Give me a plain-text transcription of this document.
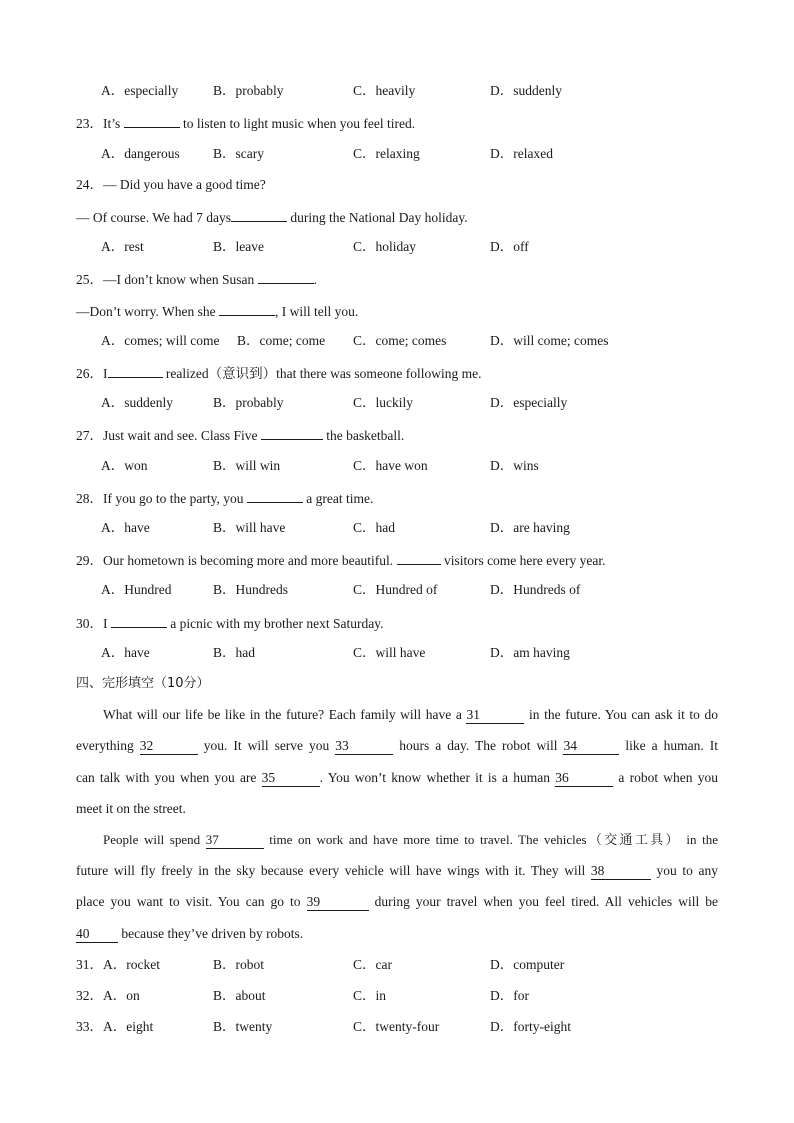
A．especially	B．probably	C．heavily	D．suddenly
23．It’s	to listen to light music when you feel tired.
A．dangerous B．scary	C．relaxing	D．relaxed
24．— Did you have a good time?
— Of course. We had 7 days	during the National Day holiday.
A．rest	B．leave	C．holiday	D．off
25．—I don’t know when Susan	.
—Don’t worry. When she	, I will tell you.
A．comes; will come B．come; come C．come; comes	D．will come; comes
26．I	realized（意识到）that there was someone following me.
A．suddenly	B．probably	C．luckily	D．especially
27．Just wait and see. Class Five	the basketball.
A．won	B．will win	C．have won	D．wins
28．If you go to the party, you	a great time.
A．have	B．will have	C．had	D．are having
29．Our hometown is becoming more and more beautiful.	visitors come here every year.
A．Hundred	B．Hundreds	C．Hundred of	D．Hundreds of
30．I	a picnic with my brother next Saturday.
A．have	B．had	C．will have	D．am having
四、完形填空（10分）
What will our life be like in the future? Each family will have a 31	in the future. You can ask it to do
everything 32	you. It will serve you 33	hours a day. The robot will 34	like a human. It
can talk with you when you are 35	. You won’t know whether it is a human 36	a robot when you
meet it on the street.
People will spend 37	time on work and have more time to travel. The vehicles（交通工具） in the
future will fly freely in the sky because every vehicle will have wings with it. They will 38	you to any
place you want to visit. You can go to 39	during your travel when you feel tired. All vehicles will be
40 because they’ve driven by robots.
31．A．rocket	B．robot	C．car	D．computer
32．A．on	B．about	C．in	D．for
33．A．eight	B．twenty	C．twenty-four	D．forty-eight
